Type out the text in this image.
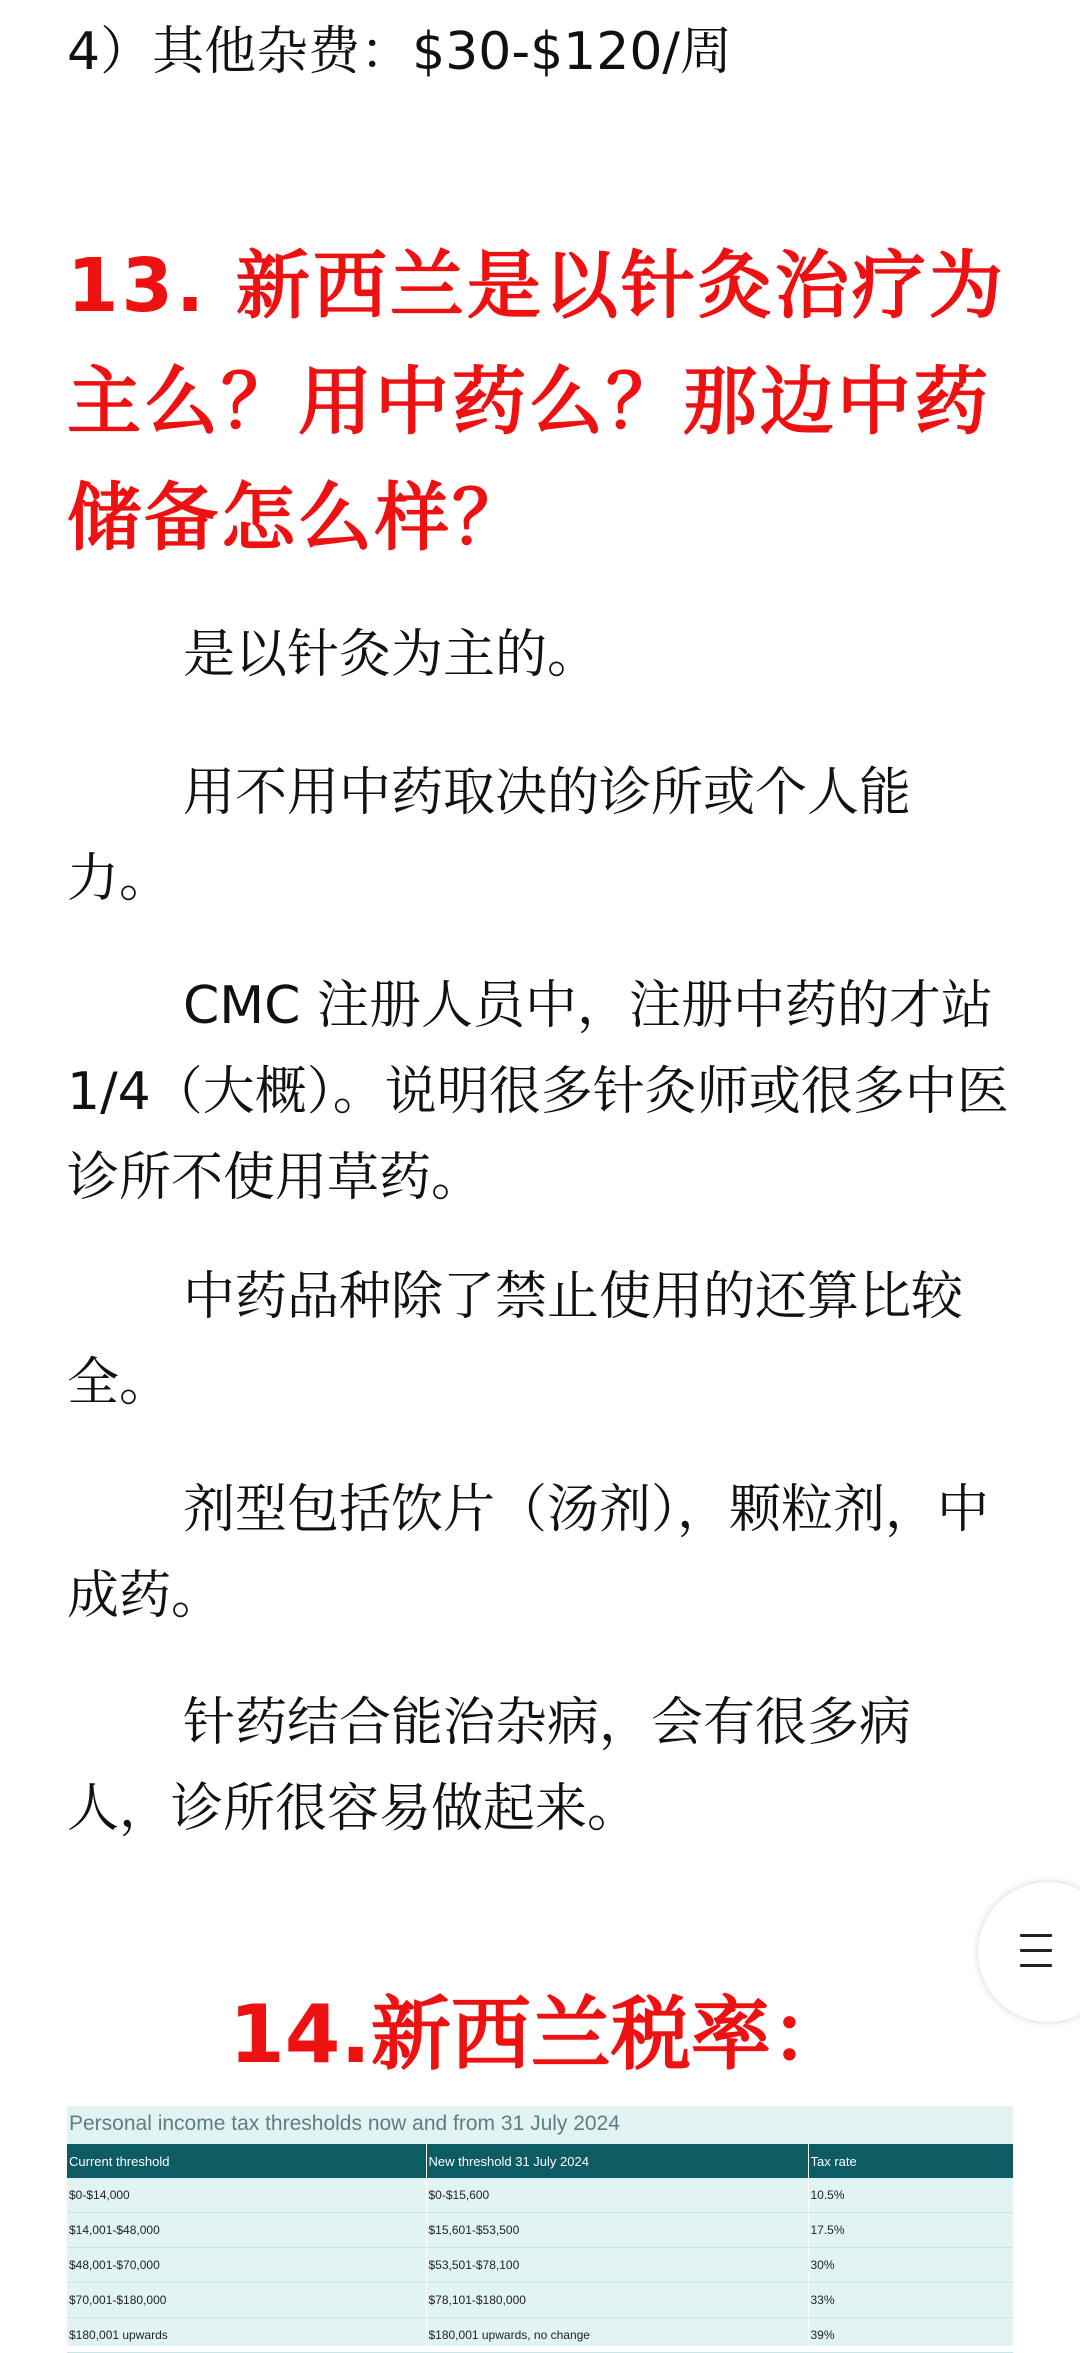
4）其他杂费：$30-$120/周
13. 新西兰是以针灸治疗为主么？用中药么？那边中药储备怎么样？

是以针灸为主的。

用不用中药取决的诊所或个人能力。

CMC 注册人员中，注册中药的才站 1/4（大概）。说明很多针灸师或很多中医诊所不使用草药。

中药品种除了禁止使用的还算比较全。

剂型包括饮片（汤剂），颗粒剂，中成药。

针药结合能治杂病，会有很多病人，诊所很容易做起来。

14.新西兰税率：
Personal income tax thresholds now and from 31 July 2024
Current threshold	New threshold 31 July 2024	Tax rate
$0-$14,000	$0-$15,600	10.5%
$14,001-$48,000	$15,601-$53,500	17.5%
$48,001-$70,000	$53,501-$78,100	30%
$70,001-$180,000	$78,101-$180,000	33%
$180,001 upwards	$180,001 upwards, no change	39%
